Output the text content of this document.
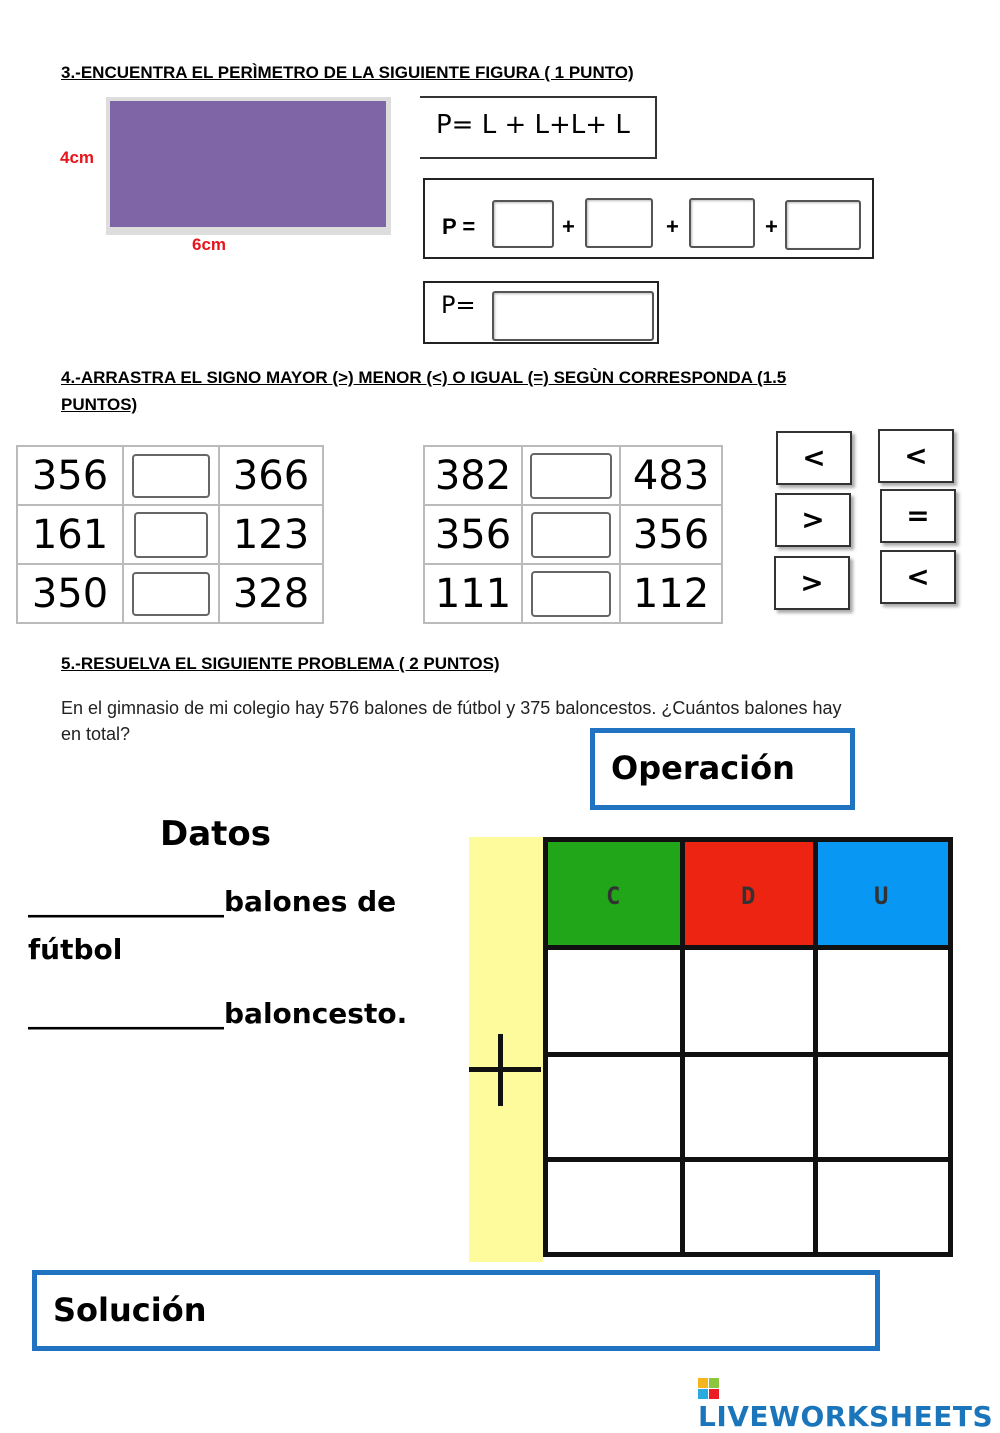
3.-ENCUENTRA EL PERÌMETRO DE LA SIGUIENTE FIGURA ( 1 PUNTO)
4cm
6cm
P= L + L+L+ L
P =	+	+	+
P=
4.-ARRASTRA EL SIGNO MAYOR (>) MENOR (<) O IGUAL (=) SEGÙN CORRESPONDA (1.5
PUNTOS)
356		366
161		123
350		328
382		483
356		356
111		112
<	<
>	=
>	<
5.-RESUELVA EL SIGUIENTE PROBLEMA ( 2 PUNTOS)
En el gimnasio de mi colegio hay 576 balones de fútbol y 375 baloncestos. ¿Cuántos balones hay
en total?
Operación
Datos
______________balones de
fútbol
______________baloncesto.
C	D	U
Solución
LIVEWORKSHEETS
